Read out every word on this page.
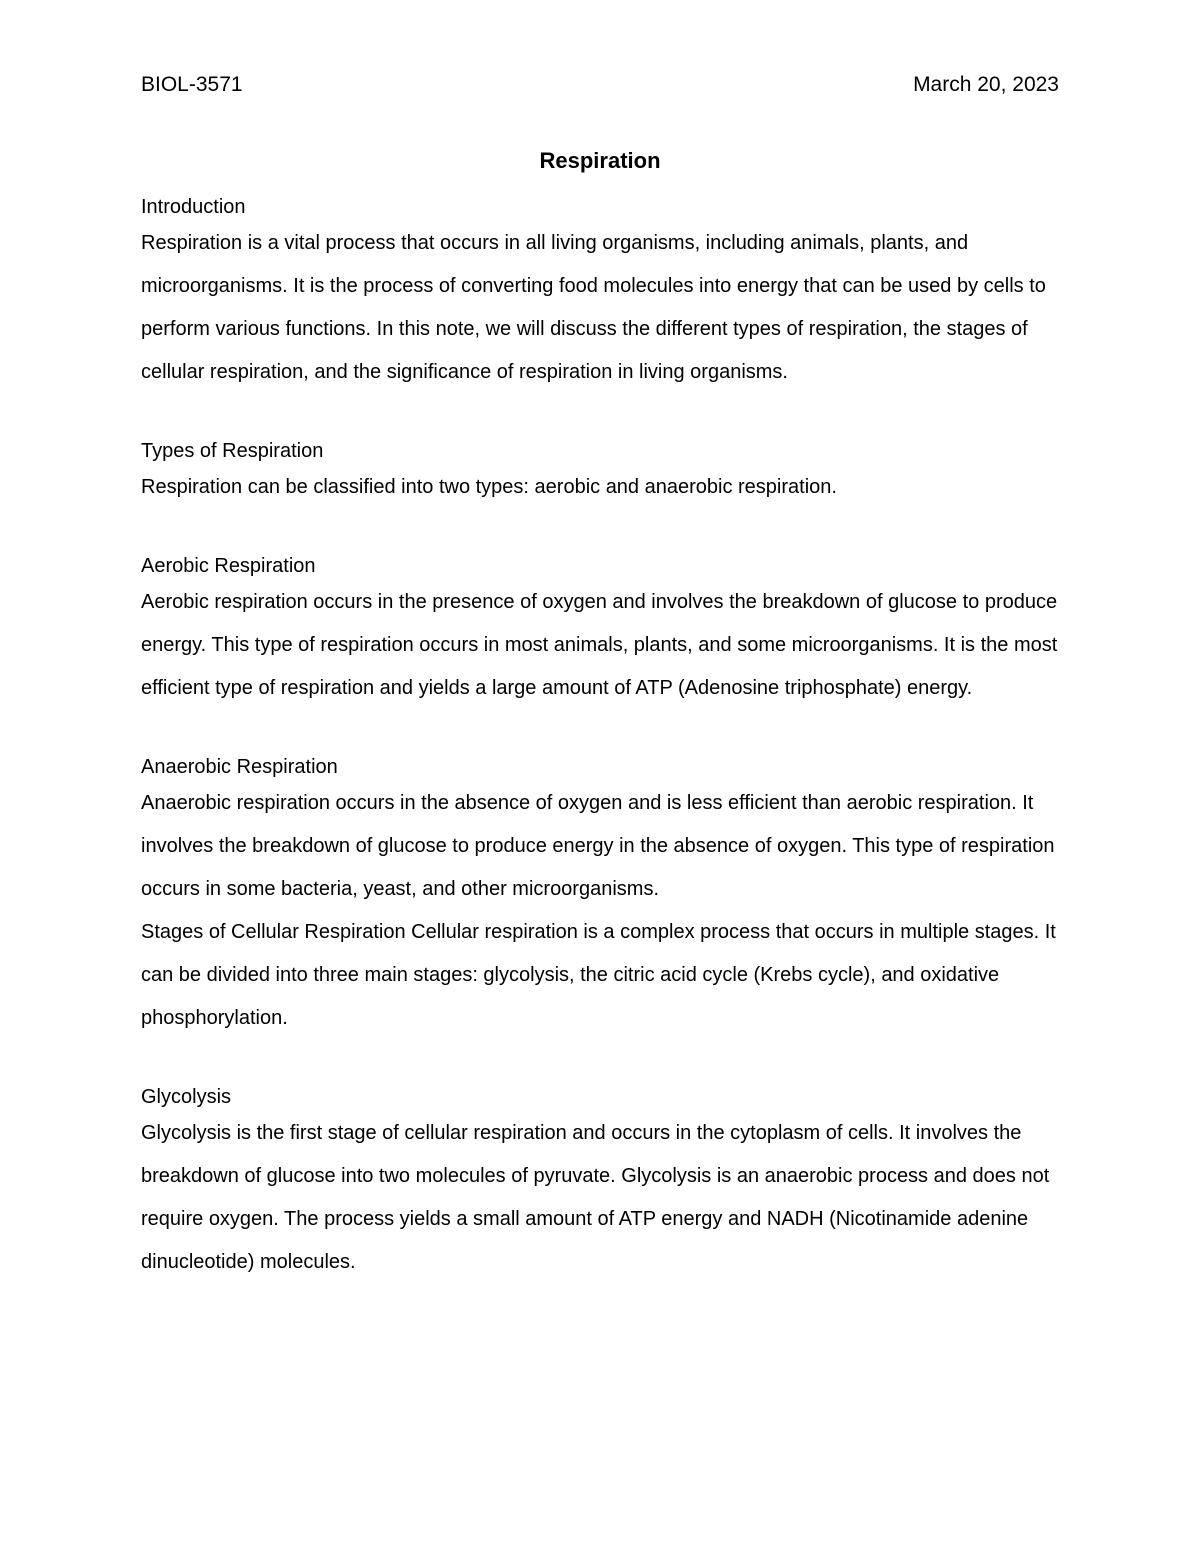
BIOL-3571	March 20, 2023
Respiration
Introduction
Respiration is a vital process that occurs in all living organisms, including animals, plants, and microorganisms. It is the process of converting food molecules into energy that can be used by cells to perform various functions. In this note, we will discuss the different types of respiration, the stages of cellular respiration, and the significance of respiration in living organisms.
Types of Respiration
Respiration can be classified into two types: aerobic and anaerobic respiration.
Aerobic Respiration
Aerobic respiration occurs in the presence of oxygen and involves the breakdown of glucose to produce energy. This type of respiration occurs in most animals, plants, and some microorganisms. It is the most efficient type of respiration and yields a large amount of ATP (Adenosine triphosphate) energy.
Anaerobic Respiration
Anaerobic respiration occurs in the absence of oxygen and is less efficient than aerobic respiration. It involves the breakdown of glucose to produce energy in the absence of oxygen. This type of respiration occurs in some bacteria, yeast, and other microorganisms.
Stages of Cellular Respiration Cellular respiration is a complex process that occurs in multiple stages. It can be divided into three main stages: glycolysis, the citric acid cycle (Krebs cycle), and oxidative phosphorylation.
Glycolysis
Glycolysis is the first stage of cellular respiration and occurs in the cytoplasm of cells. It involves the breakdown of glucose into two molecules of pyruvate. Glycolysis is an anaerobic process and does not require oxygen. The process yields a small amount of ATP energy and NADH (Nicotinamide adenine dinucleotide) molecules.
